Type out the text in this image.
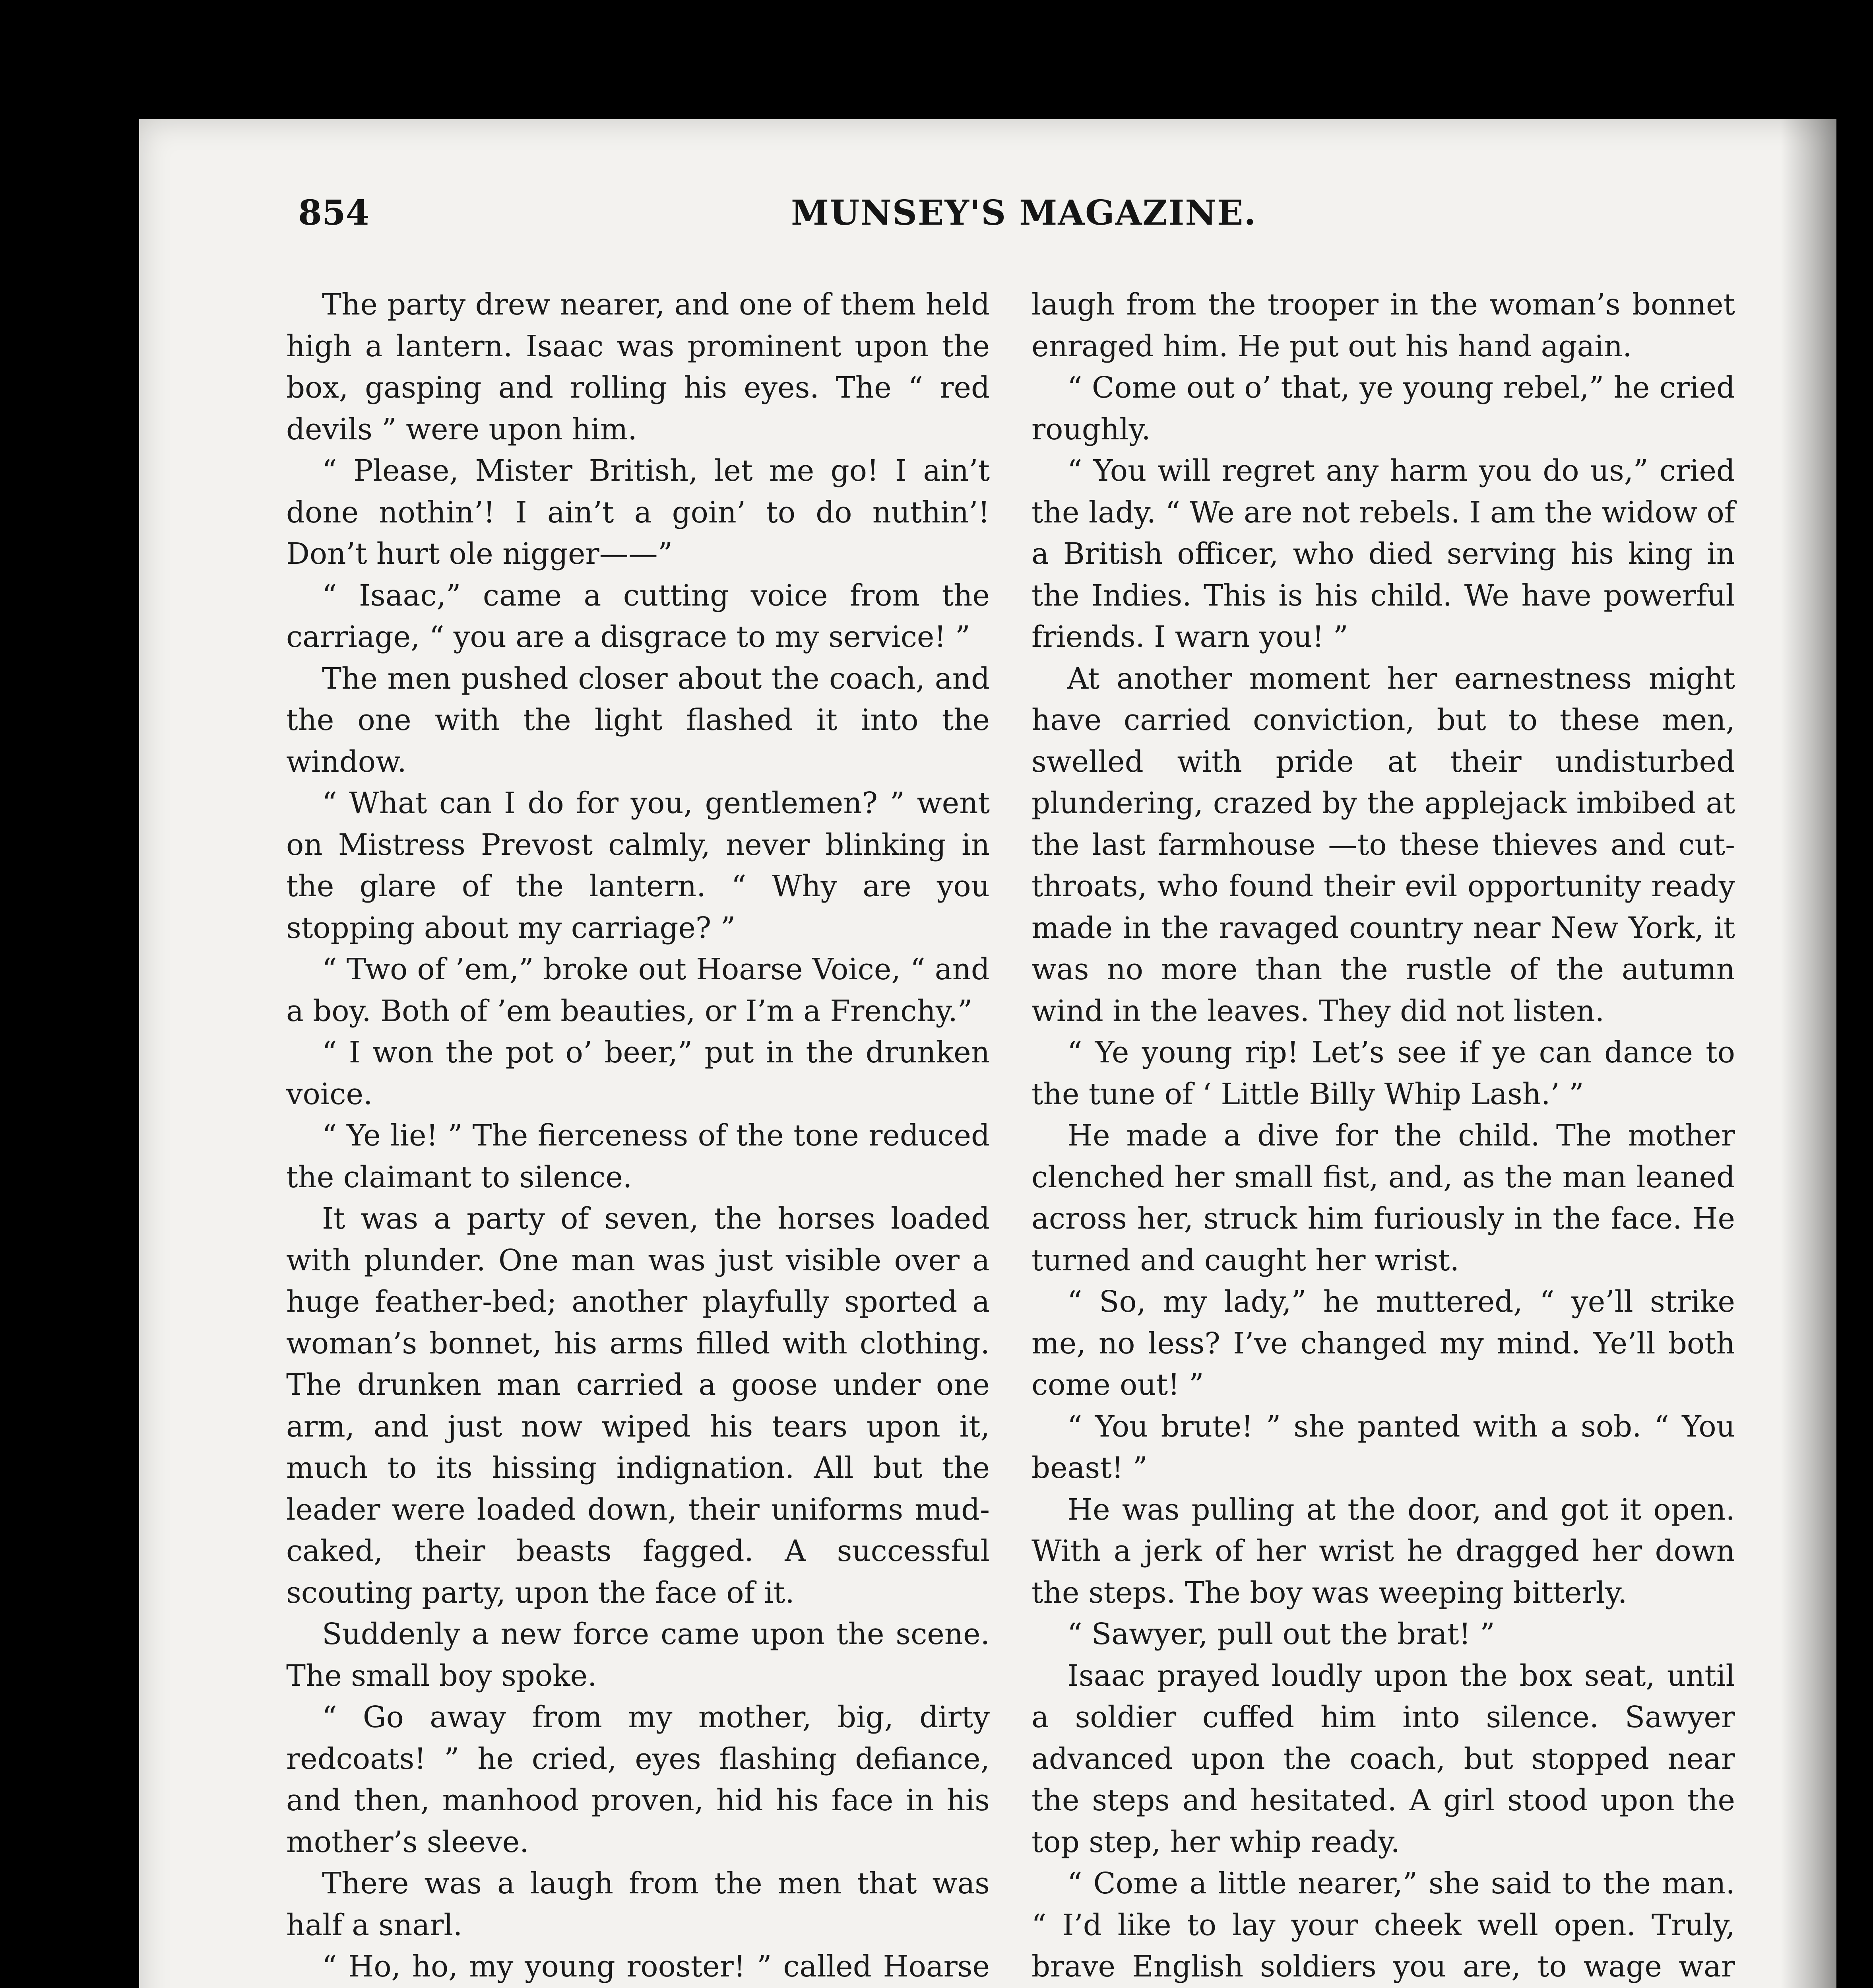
854	MUNSEY'S MAGAZINE.

The party drew nearer, and one of them held high a lantern. Isaac was prominent upon the box, gasping and rolling his eyes. The “ red devils ” were upon him.

“ Please, Mister British, let me go! I ain’t done nothin’! I ain’t a goin’ to do nuthin’! Don’t hurt ole nigger——”

“ Isaac,” came a cutting voice from the carriage, “ you are a disgrace to my service! ”

The men pushed closer about the coach, and the one with the light flashed it into the window.

“ What can I do for you, gentlemen? ” went on Mistress Prevost calmly, never blinking in the glare of the lantern. “ Why are you stopping about my carriage? ”

“ Two of ’em,” broke out Hoarse Voice, “ and a boy. Both of ’em beauties, or I’m a Frenchy.”

“ I won the pot o’ beer,” put in the drunken voice.

“ Ye lie! ” The fierceness of the tone reduced the claimant to silence.

It was a party of seven, the horses loaded with plunder. One man was just visible over a huge feather-bed; another playfully sported a woman’s bonnet, his arms filled with clothing. The drunken man carried a goose under one arm, and just now wiped his tears upon it, much to its hissing indignation. All but the leader were loaded down, their uniforms mud-caked, their beasts fagged. A successful scouting party, upon the face of it.

Suddenly a new force came upon the scene. The small boy spoke.

“ Go away from my mother, big, dirty redcoats! ” he cried, eyes flashing defiance, and then, manhood proven, hid his face in his mother’s sleeve.

There was a laugh from the men that was half a snarl.

“ Ho, ho, my young rooster! ” called Hoarse

laugh from the trooper in the woman’s bonnet enraged him. He put out his hand again.

“ Come out o’ that, ye young rebel,” he cried roughly.

“ You will regret any harm you do us,” cried the lady. “ We are not rebels. I am the widow of a British officer, who died serving his king in the Indies. This is his child. We have powerful friends. I warn you! ”

At another moment her earnestness might have carried conviction, but to these men, swelled with pride at their undisturbed plundering, crazed by the applejack imbibed at the last farmhouse —to these thieves and cut-throats, who found their evil opportunity ready made in the ravaged country near New York, it was no more than the rustle of the autumn wind in the leaves. They did not listen.

“ Ye young rip! Let’s see if ye can dance to the tune of ‘ Little Billy Whip Lash.’ ”

He made a dive for the child. The mother clenched her small fist, and, as the man leaned across her, struck him furiously in the face. He turned and caught her wrist.

“ So, my lady,” he muttered, “ ye’ll strike me, no less? I’ve changed my mind. Ye’ll both come out! ”

“ You brute! ” she panted with a sob. “ You beast! ”

He was pulling at the door, and got it open. With a jerk of her wrist he dragged her down the steps. The boy was weeping bitterly.

“ Sawyer, pull out the brat! ”

Isaac prayed loudly upon the box seat, until a soldier cuffed him into silence. Sawyer advanced upon the coach, but stopped near the steps and hesitated. A girl stood upon the top step, her whip ready.

“ Come a little nearer,” she said to the man. “ I’d like to lay your cheek well open. Truly, brave English soldiers you are, to wage war
